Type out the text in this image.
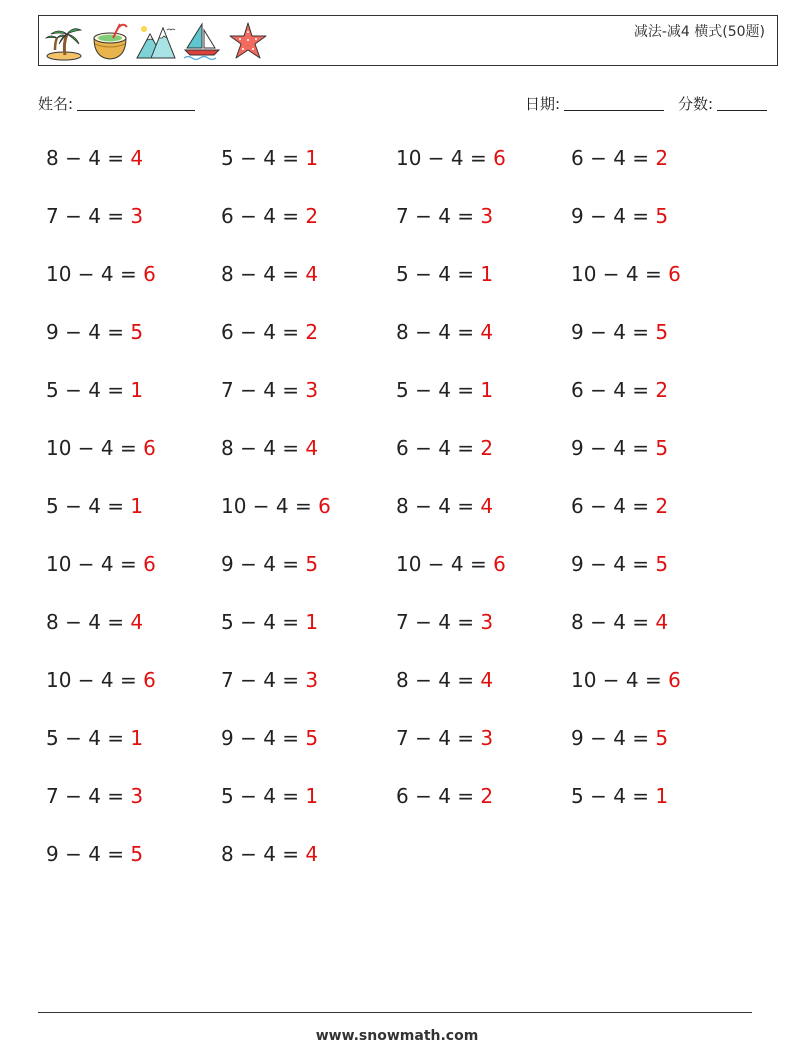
减法-减4 横式(50题)
姓名:	日期:	分数:
8 − 4 = 4	5 − 4 = 1	10 − 4 = 6	6 − 4 = 2
7 − 4 = 3	6 − 4 = 2	7 − 4 = 3	9 − 4 = 5
10 − 4 = 6	8 − 4 = 4	5 − 4 = 1	10 − 4 = 6
9 − 4 = 5	6 − 4 = 2	8 − 4 = 4	9 − 4 = 5
5 − 4 = 1	7 − 4 = 3	5 − 4 = 1	6 − 4 = 2
10 − 4 = 6	8 − 4 = 4	6 − 4 = 2	9 − 4 = 5
5 − 4 = 1	10 − 4 = 6	8 − 4 = 4	6 − 4 = 2
10 − 4 = 6	9 − 4 = 5	10 − 4 = 6	9 − 4 = 5
8 − 4 = 4	5 − 4 = 1	7 − 4 = 3	8 − 4 = 4
10 − 4 = 6	7 − 4 = 3	8 − 4 = 4	10 − 4 = 6
5 − 4 = 1	9 − 4 = 5	7 − 4 = 3	9 − 4 = 5
7 − 4 = 3	5 − 4 = 1	6 − 4 = 2	5 − 4 = 1
9 − 4 = 5	8 − 4 = 4
www.snowmath.com
